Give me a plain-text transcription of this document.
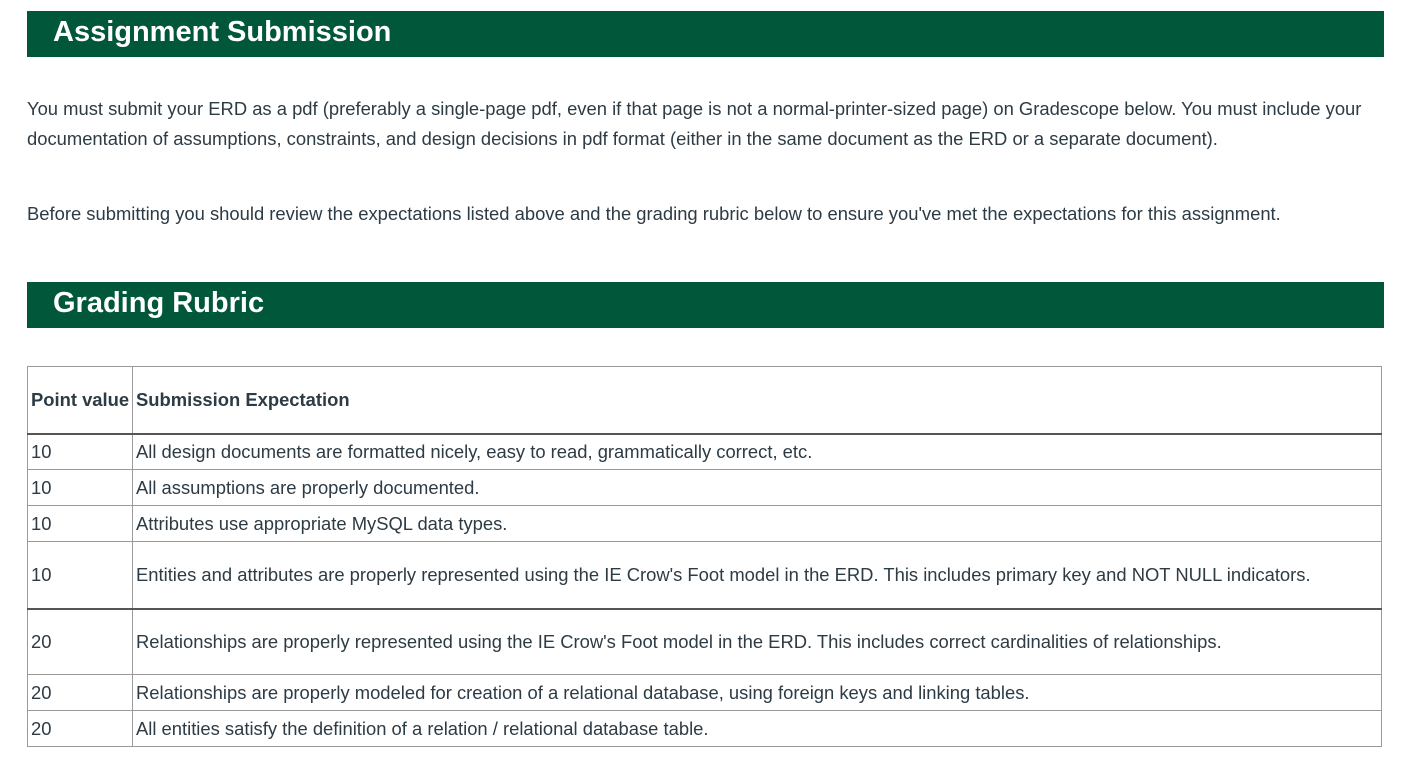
Assignment Submission

You must submit your ERD as a pdf (preferably a single-page pdf, even if that page is not a normal-printer-sized page) on Gradescope below. You must include your documentation of assumptions, constraints, and design decisions in pdf format (either in the same document as the ERD or a separate document).

Before submitting you should review the expectations listed above and the grading rubric below to ensure you've met the expectations for this assignment.

Grading Rubric
Point value	Submission Expectation
10	All design documents are formatted nicely, easy to read, grammatically correct, etc.
10	All assumptions are properly documented.
10	Attributes use appropriate MySQL data types.
10	Entities and attributes are properly represented using the IE Crow's Foot model in the ERD. This includes primary key and NOT NULL indicators.
20	Relationships are properly represented using the IE Crow's Foot model in the ERD. This includes correct cardinalities of relationships.
20	Relationships are properly modeled for creation of a relational database, using foreign keys and linking tables.
20	All entities satisfy the definition of a relation / relational database table.
